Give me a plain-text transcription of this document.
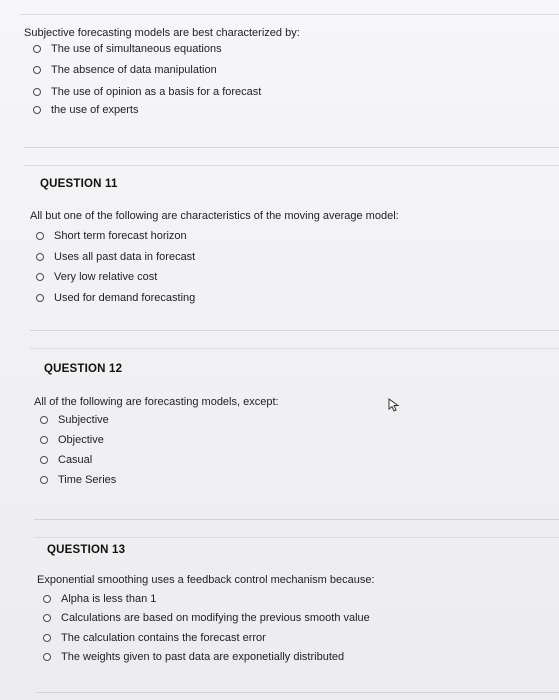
Subjective forecasting models are best characterized by:
The use of simultaneous equations
The absence of data manipulation
The use of opinion as a basis for a forecast
the use of experts
QUESTION 11
All but one of the following are characteristics of the moving average model:
Short term forecast horizon
Uses all past data in forecast
Very low relative cost
Used for demand forecasting
QUESTION 12
All of the following are forecasting models, except:
Subjective
Objective
Casual
Time Series
QUESTION 13
Exponential smoothing uses a feedback control mechanism because:
Alpha is less than 1
Calculations are based on modifying the previous smooth value
The calculation contains the forecast error
The weights given to past data are exponetially distributed
